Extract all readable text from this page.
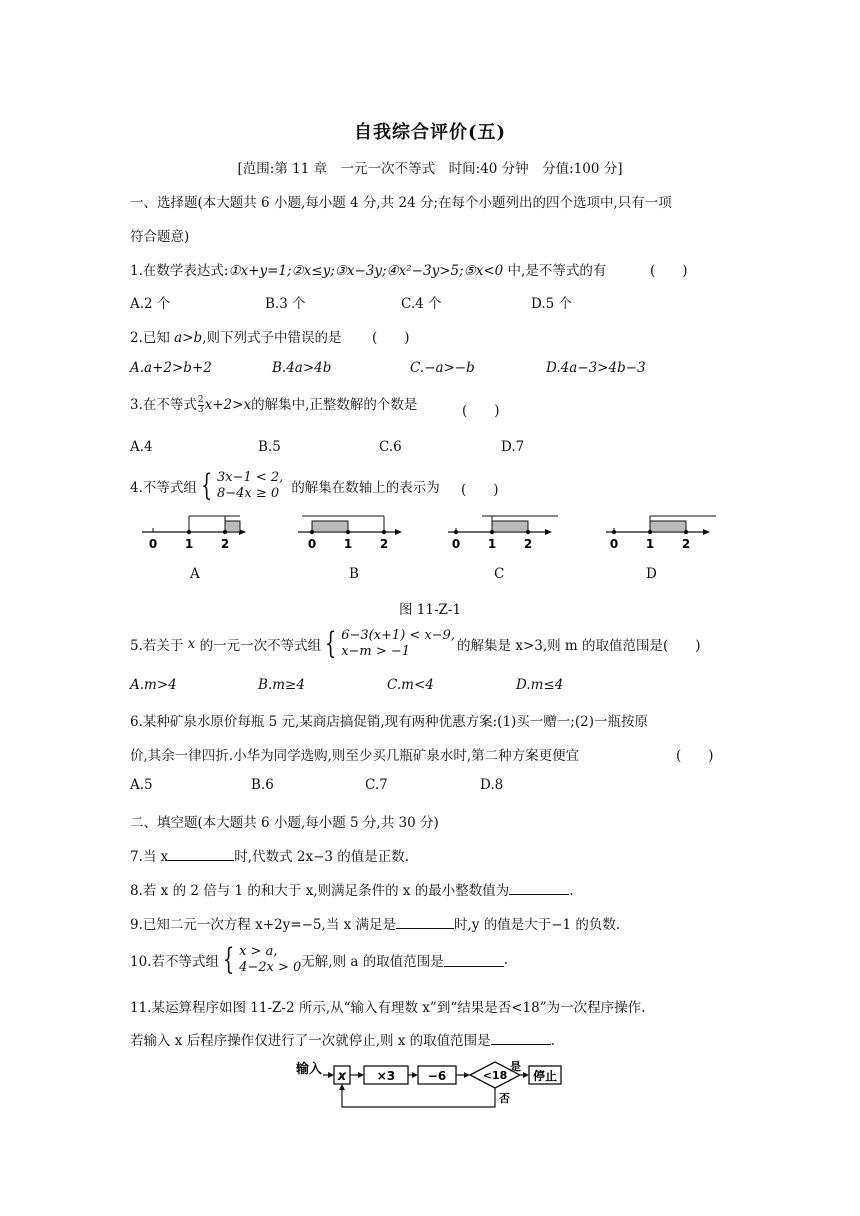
自我综合评价(五)
[范围:第 11 章　一元一次不等式　时间:40 分钟　分值:100 分]
一、选择题(本大题共 6 小题,每小题 4 分,共 24 分;在每个小题列出的四个选项中,只有一项
符合题意)
1.在数学表达式:①x+y=1;②x≤y;③x−3y;④x²−3y>5;⑤x<0 中,是不等式的有	(　　)
A.2 个	B.3 个	C.4 个	D.5 个
2.已知 a>b,则下列式子中错误的是 (　　)
A.a+2>b+2	B.4a>4b	C.−a>−b	D.4a−3>4b−3
3.在不等式 $\frac{2}{3} x+2>x$的解集中,正整数解的个数是	(　　)
A.4	B.5	C.6	D.7
4.不等式组 { 3x−1 < 2,
8−4x ≥ 0 的解集在数轴上的表示为 (　　)
0 1 2	0 1 2	0 1 2	0 1 2
A	B	C	D
图 11-Z-1
5.若关于 x 的一元一次不等式组 { 6−3(x+1) < x−9,
x−m > −1	的解集是 x>3,则 m 的取值范围是(　　)
A.m>4	B.m≥4	C.m<4	D.m≤4
6.某种矿泉水原价每瓶 5 元,某商店搞促销,现有两种优惠方案:(1)买一赠一;(2)一瓶按原
价,其余一律四折.小华为同学选购,则至少买几瓶矿泉水时,第二种方案更便宜	(　　)
A.5	B.6	C.7	D.8
二、填空题(本大题共 6 小题,每小题 5 分,共 30 分)
7.当 x	时,代数式 2x−3 的值是正数.
8.若 x 的 2 倍与 1 的和大于 x,则满足条件的 x 的最小整数值为	.
9.已知二元一次方程 x+2y=−5,当 x 满足是	时,y 的值是大于−1 的负数.
10.若不等式组 { x > a,
4−2x > 0 无解,则 a 的取值范围是	.
11.某运算程序如图 11-Z-2 所示,从“输入有理数 x”到“结果是否<18”为一次程序操作.
若输入 x 后程序操作仅进行了一次就停止,则 x 的取值范围是	.
输入 x	×3	−6	<18
是
停止
否
